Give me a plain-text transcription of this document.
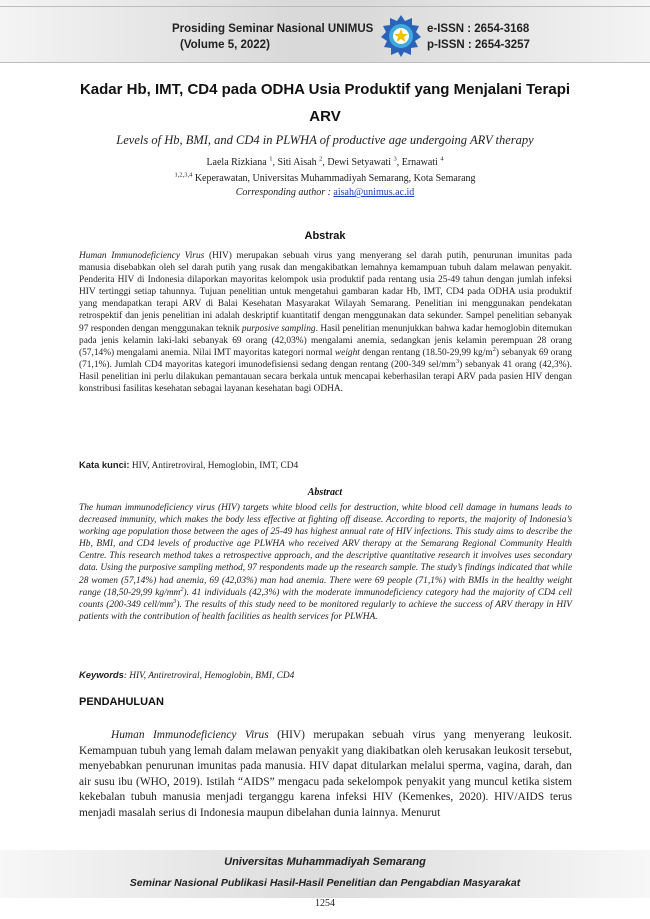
Prosiding Seminar Nasional UNIMUS
(Volume 5, 2022)
e-ISSN : 2654-3168
p-ISSN : 2654-3257
Kadar Hb, IMT, CD4 pada ODHA Usia Produktif yang Menjalani Terapi
ARV
Levels of Hb, BMI, and CD4 in PLWHA of productive age undergoing ARV therapy
Laela Rizkiana $^1$, Siti Aisah $^2$, Dewi Setyawati $^3$, Ernawati $^4$
$^{1,2,3,4}$ Keperawatan, Universitas Muhammadiyah Semarang, Kota Semarang
Corresponding author : aisah@unimus.ac.id
Abstrak
Human Immunodeficiency Virus (HIV) merupakan sebuah virus yang menyerang sel darah putih, penurunan imunitas pada manusia disebabkan oleh sel darah putih yang rusak dan mengakibatkan lemahnya kemampuan tubuh dalam melawan penyakit. Penderita HIV di Indonesia dilaporkan mayoritas kelompok usia produktif pada rentang usia 25-49 tahun dengan jumlah infeksi HIV tertinggi setiap tahunnya. Tujuan penelitian untuk mengetahui gambaran kadar Hb, IMT, CD4 pada ODHA usia produktif yang mendapatkan terapi ARV di Balai Kesehatan Masyarakat Wilayah Semarang. Penelitian ini menggunakan pendekatan retrospektif dan jenis penelitian ini adalah deskriptif kuantitatif dengan menggunakan data sekunder. Sampel penelitian sebanyak 97 responden dengan menggunakan teknik purposive sampling. Hasil penelitian menunjukkan bahwa kadar hemoglobin ditemukan pada jenis kelamin laki-laki sebanyak 69 orang (42,03%) mengalami anemia, sedangkan jenis kelamin perempuan 28 orang (57,14%) mengalami anemia. Nilai IMT mayoritas kategori normal weight dengan rentang (18.50-29,99 $kg/m^2$) sebanyak 69 orang (71,1%). Jumlah CD4 mayoritas kategori imunodefisiensi sedang dengan rentang (200-349 sel/$mm^3$) sebanyak 41 orang (42,3%). Hasil penelitian ini perlu dilakukan pemantauan secara berkala untuk mencapai keberhasilan terapi ARV pada pasien HIV dengan konstribusi fasilitas kesehatan sebagai layanan kesehatan bagi ODHA.
Kata kunci: HIV, Antiretroviral, Hemoglobin, IMT, CD4
Abstract
The human immunodeficiency virus (HIV) targets white blood cells for destruction, white blood cell damage in humans leads to decreased immunity, which makes the body less effective at fighting off disease. According to reports, the majority of Indonesia’s working age population those between the ages of 25-49 has highest annual rate of HIV infections. This study aims to describe the Hb, BMI, and CD4 levels of productive age PLWHA who received ARV therapy at the Semarang Regional Community Health Centre. This research method takes a retrospective approach, and the descriptive quantitative research it involves uses secondary data. Using the purposive sampling method, 97 respondents made up the research sample. The study’s findings indicated that while 28 women (57,14%) had anemia, 69 (42,03%) man had anemia. There were 69 people (71,1%) with BMIs in the healthy weight range (18,50-29,99 $kg/mm^2$). 41 individuals (42,3%) with the moderate immunodeficiency category had the majority of CD4 cell counts (200-349 cell/$mm^3$). The results of this study need to be monitored regularly to achieve the success of ARV therapy in HIV patients with the contribution of health facilities as health services for PLWHA.
Keywords: HIV, Antiretroviral, Hemoglobin, BMI, CD4
PENDAHULUAN
Human Immunodeficiency Virus (HIV) merupakan sebuah virus yang menyerang leukosit. Kemampuan tubuh yang lemah dalam melawan penyakit yang diakibatkan oleh kerusakan leukosit tersebut, menyebabkan penurunan imunitas pada manusia. HIV dapat ditularkan melalui sperma, vagina, darah, dan air susu ibu (WHO, 2019). Istilah “AIDS” mengacu pada sekelompok penyakit yang muncul ketika sistem kekebalan tubuh manusia menjadi terganggu karena infeksi HIV (Kemenkes, 2020). HIV/AIDS terus menjadi masalah serius di Indonesia maupun dibelahan dunia lainnya. Menurut
Universitas Muhammadiyah Semarang
Seminar Nasional Publikasi Hasil-Hasil Penelitian dan Pengabdian Masyarakat
1254
